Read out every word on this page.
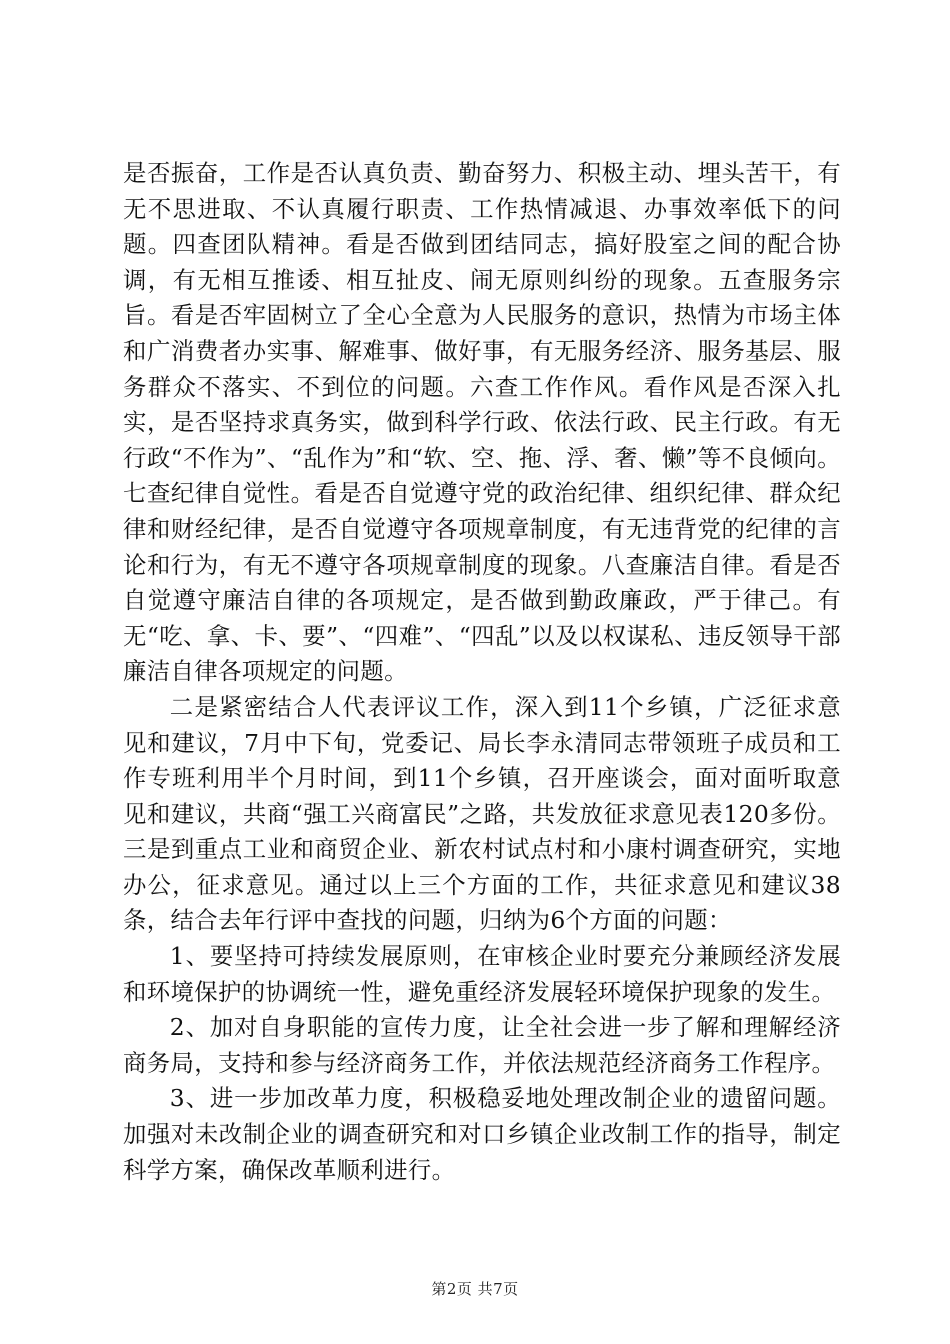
是否振奋，工作是否认真负责、勤奋努力、积极主动、埋头苦干，有无不思进取、不认真履行职责、工作热情减退、办事效率低下的问题。四查团队精神。看是否做到团结同志，搞好股室之间的配合协调，有无相互推诿、相互扯皮、闹无原则纠纷的现象。五查服务宗旨。看是否牢固树立了全心全意为人民服务的意识，热情为市场主体和广消费者办实事、解难事、做好事，有无服务经济、服务基层、服务群众不落实、不到位的问题。六查工作作风。看作风是否深入扎实，是否坚持求真务实，做到科学行政、依法行政、民主行政。有无行政“不作为”、“乱作为”和“软、空、拖、浮、奢、懒”等不良倾向。七查纪律自觉性。看是否自觉遵守党的政治纪律、组织纪律、群众纪律和财经纪律，是否自觉遵守各项规章制度，有无违背党的纪律的言论和行为，有无不遵守各项规章制度的现象。八查廉洁自律。看是否自觉遵守廉洁自律的各项规定，是否做到勤政廉政，严于律己。有无“吃、拿、卡、要”、“四难”、“四乱”以及以权谋私、违反领导干部廉洁自律各项规定的问题。

二是紧密结合人代表评议工作，深入到11个乡镇，广泛征求意见和建议，7月中下旬，党委记、局长李永清同志带领班子成员和工作专班利用半个月时间，到11个乡镇，召开座谈会，面对面听取意见和建议，共商“强工兴商富民”之路，共发放征求意见表120多份。三是到重点工业和商贸企业、新农村试点村和小康村调查研究，实地办公，征求意见。通过以上三个方面的工作，共征求意见和建议38条，结合去年行评中查找的问题，归纳为6个方面的问题：

1、要坚持可持续发展原则，在审核企业时要充分兼顾经济发展和环境保护的协调统一性，避免重经济发展轻环境保护现象的发生。

2、加对自身职能的宣传力度，让全社会进一步了解和理解经济商务局，支持和参与经济商务工作，并依法规范经济商务工作程序。

3、进一步加改革力度，积极稳妥地处理改制企业的遗留问题。加强对未改制企业的调查研究和对口乡镇企业改制工作的指导，制定科学方案，确保改革顺利进行。

第2页 共7页
